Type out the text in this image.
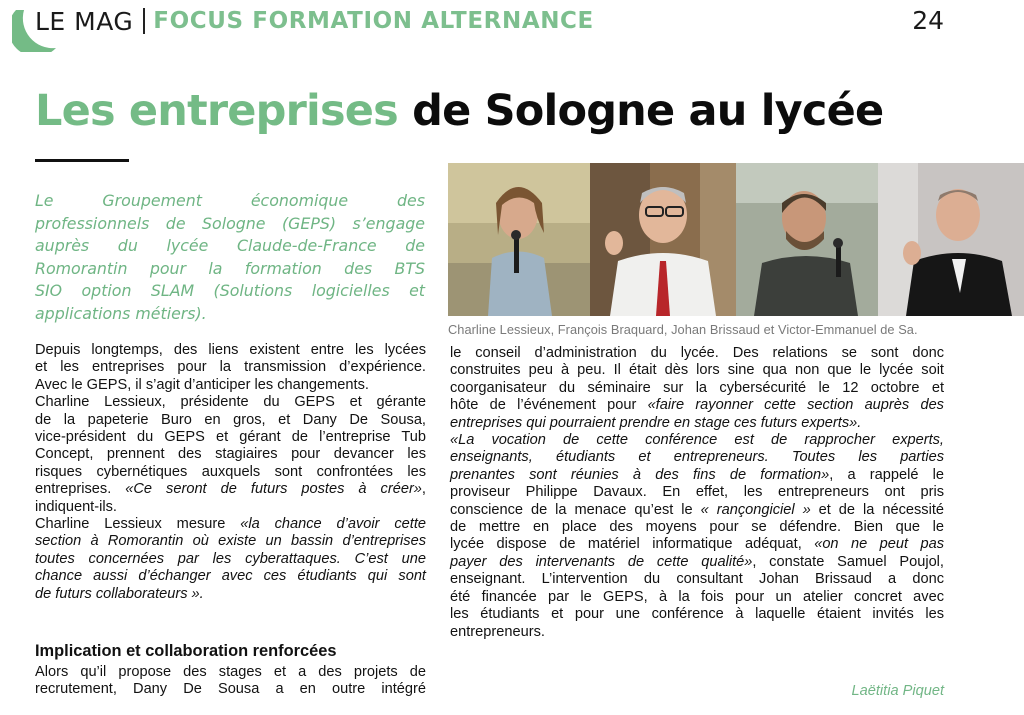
LE MAG FOCUS FORMATION ALTERNANCE	24
Les entreprises de Sologne au lycée
Le Groupement économique des
professionnels de Sologne (GEPS) s’engage
auprès du lycée Claude-de-France de
Romorantin pour la formation des BTS
SIO option SLAM (Solutions logicielles et
applications métiers).
Charline Lessieux, François Braquard, Johan Brissaud et Victor-Emmanuel de Sa.
Depuis longtemps, des liens existent entre les lycées
et les entreprises pour la transmission d’expérience.
Avec le GEPS, il s’agit d’anticiper les changements.
Charline Lessieux, présidente du GEPS et gérante
de la papeterie Buro en gros, et Dany De Sousa,
vice-président du GEPS et gérant de l’entreprise Tub
Concept, prennent des stagiaires pour devancer les
risques cybernétiques auxquels sont confrontées les
entreprises. «Ce seront de futurs postes à créer»,
indiquent-ils.
Charline Lessieux mesure «la chance d’avoir cette
section à Romorantin où existe un bassin d’entreprises
toutes concernées par les cyberattaques. C’est une
chance aussi d’échanger avec ces étudiants qui sont
de futurs collaborateurs ».
Implication et collaboration renforcées
Alors qu’il propose des stages et a des projets de
recrutement, Dany De Sousa a en outre intégré
le conseil d’administration du lycée. Des relations se sont donc
construites peu à peu. Il était dès lors sine qua non que le lycée soit
coorganisateur du séminaire sur la cybersécurité le 12 octobre et
hôte de l’événement pour «faire rayonner cette section auprès des
entreprises qui pourraient prendre en stage ces futurs experts».
«La vocation de cette conférence est de rapprocher experts,
enseignants, étudiants et entrepreneurs. Toutes les parties
prenantes sont réunies à des fins de formation», a rappelé le
proviseur Philippe Davaux. En effet, les entrepreneurs ont pris
conscience de la menace qu’est le « rançongiciel » et de la nécessité
de mettre en place des moyens pour se défendre. Bien que le
lycée dispose de matériel informatique adéquat, «on ne peut pas
payer des intervenants de cette qualité», constate Samuel Poujol,
enseignant. L’intervention du consultant Johan Brissaud a donc
été financée par le GEPS, à la fois pour un atelier concret avec
les étudiants et pour une conférence à laquelle étaient invités les
entrepreneurs.
Laëtitia Piquet
